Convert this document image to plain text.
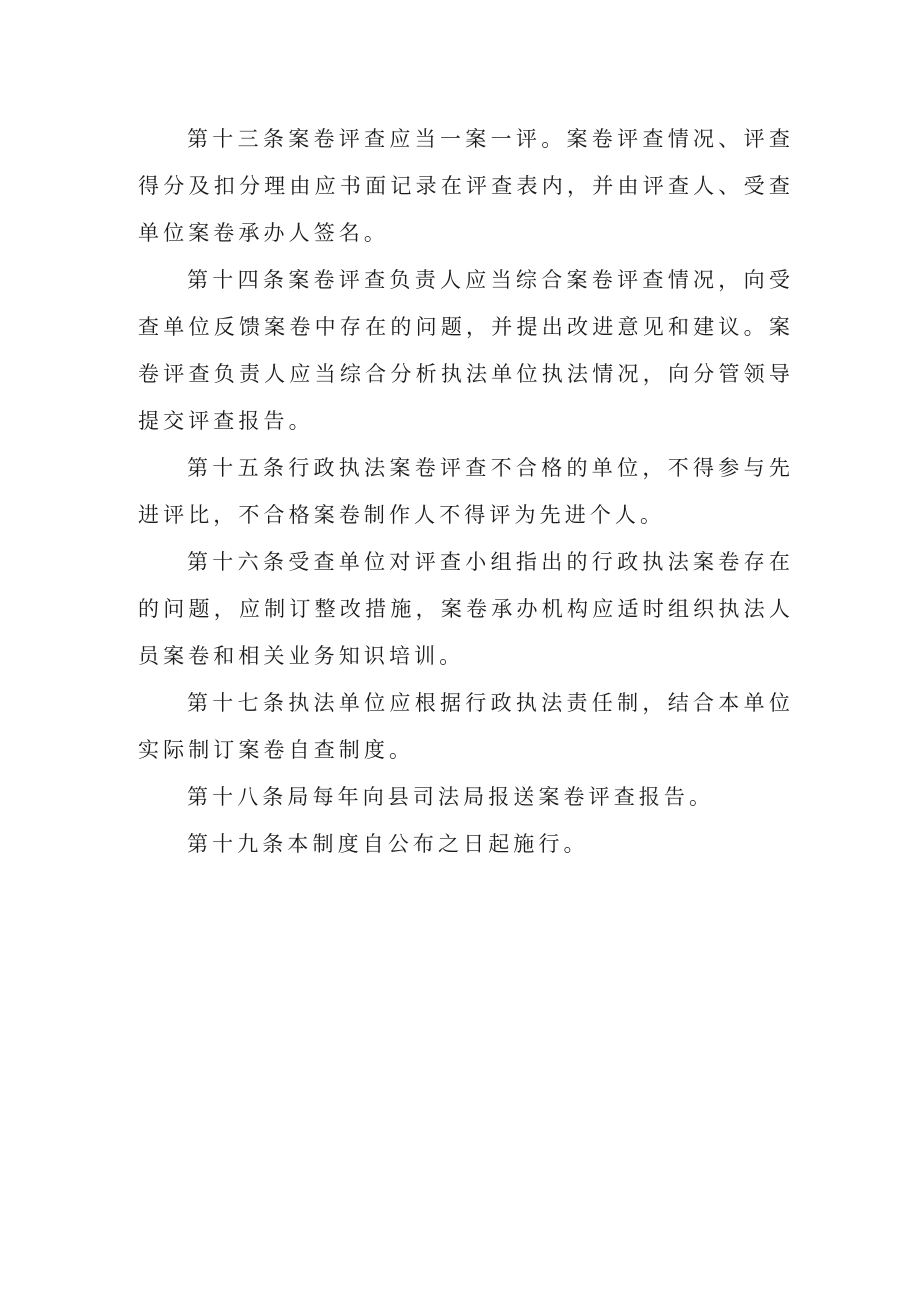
第十三条案卷评查应当一案一评。案卷评查情况、评查得分及扣分理由应书面记录在评查表内，并由评查人、受查单位案卷承办人签名。

第十四条案卷评查负责人应当综合案卷评查情况，向受查单位反馈案卷中存在的问题，并提出改进意见和建议。案卷评查负责人应当综合分析执法单位执法情况，向分管领导提交评查报告。

第十五条行政执法案卷评查不合格的单位，不得参与先进评比，不合格案卷制作人不得评为先进个人。

第十六条受查单位对评查小组指出的行政执法案卷存在的问题，应制订整改措施，案卷承办机构应适时组织执法人员案卷和相关业务知识培训。

第十七条执法单位应根据行政执法责任制，结合本单位实际制订案卷自查制度。

第十八条局每年向县司法局报送案卷评查报告。

第十九条本制度自公布之日起施行。
